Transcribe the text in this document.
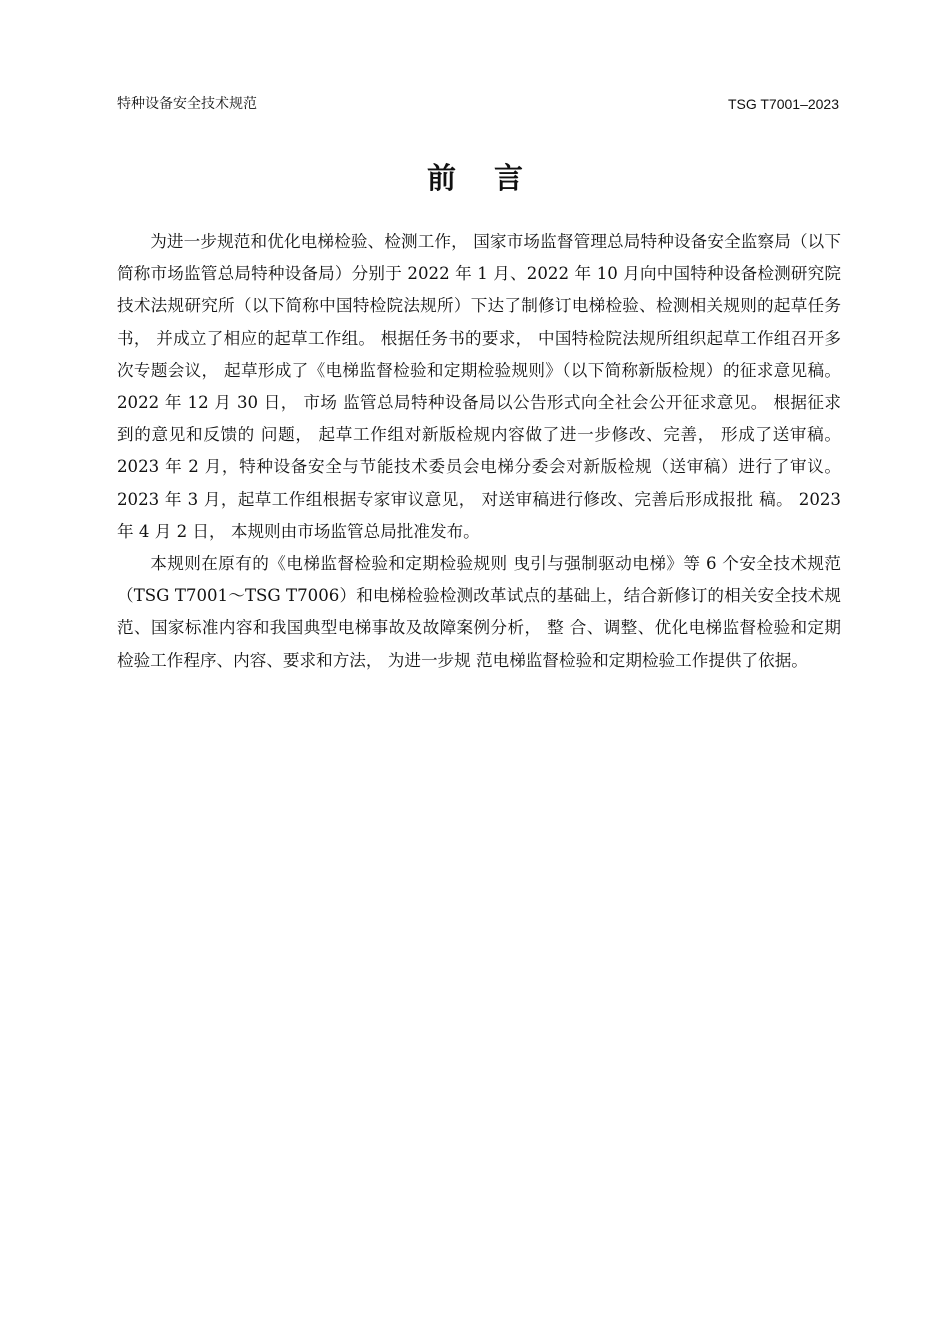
特种设备安全技术规范	TSG T7001–2023
前 言

为进一步规范和优化电梯检验、检测工作， 国家市场监督管理总局特种设备安全监察局（以下简称市场监管总局特种设备局）分别于 2022 年 1 月、2022 年 10 月向中国特种设备检测研究院技术法规研究所（以下简称中国特检院法规所）下达了制修订电梯检验、检测相关规则的起草任务书， 并成立了相应的起草工作组。 根据任务书的要求， 中国特检院法规所组织起草工作组召开多次专题会议， 起草形成了《电梯监督检验和定期检验规则》（以下简称新版检规）的征求意见稿。 2022 年 12 月 30 日， 市场 监管总局特种设备局以公告形式向全社会公开征求意见。 根据征求到的意见和反馈的 问题， 起草工作组对新版检规内容做了进一步修改、完善， 形成了送审稿。 2023 年 2 月，特种设备安全与节能技术委员会电梯分委会对新版检规（送审稿）进行了审议。 2023 年 3 月，起草工作组根据专家审议意见， 对送审稿进行修改、完善后形成报批 稿。 2023 年 4 月 2 日， 本规则由市场监管总局批准发布。

本规则在原有的《电梯监督检验和定期检验规则 曳引与强制驱动电梯》等 6 个安全技术规范（TSG T7001～TSG T7006）和电梯检验检测改革试点的基础上，结合新修订的相关安全技术规范、国家标准内容和我国典型电梯事故及故障案例分析， 整 合、调整、优化电梯监督检验和定期检验工作程序、内容、要求和方法， 为进一步规 范电梯监督检验和定期检验工作提供了依据。
